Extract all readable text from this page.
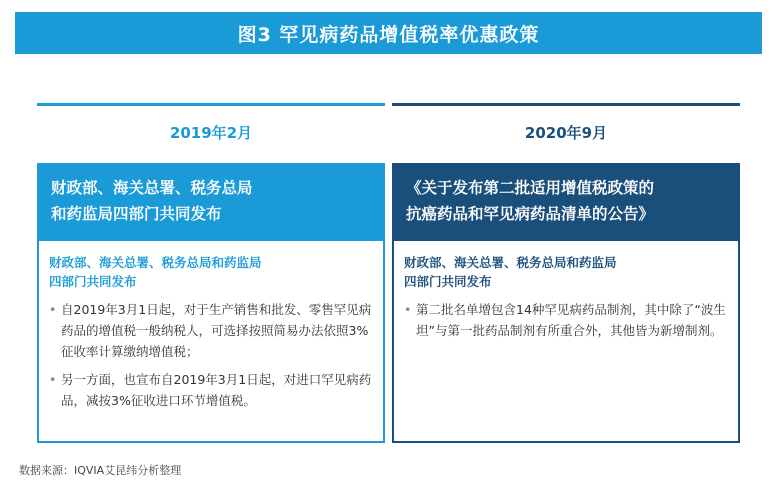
图3 罕见病药品增值税率优惠政策
2019年2月
财政部、海关总署、税务总局
和药监局四部门共同发布
财政部、海关总署、税务总局和药监局
四部门共同发布
• 自2019年3月1日起，对于生产销售和批发、零售罕见病药品的增值税一般纳税人，可选择按照简易办法依照3%征收率计算缴纳增值税；
• 另一方面，也宣布自2019年3月1日起，对进口罕见病药品，减按3%征收进口环节增值税。
2020年9月
《关于发布第二批适用增值税政策的
抗癌药品和罕见病药品清单的公告》
财政部、海关总署、税务总局和药监局
四部门共同发布
• 第二批名单增包含14种罕见病药品制剂，其中除了“波生坦”与第一批药品制剂有所重合外，其他皆为新增制剂。
数据来源：IQVIA艾昆纬分析整理
